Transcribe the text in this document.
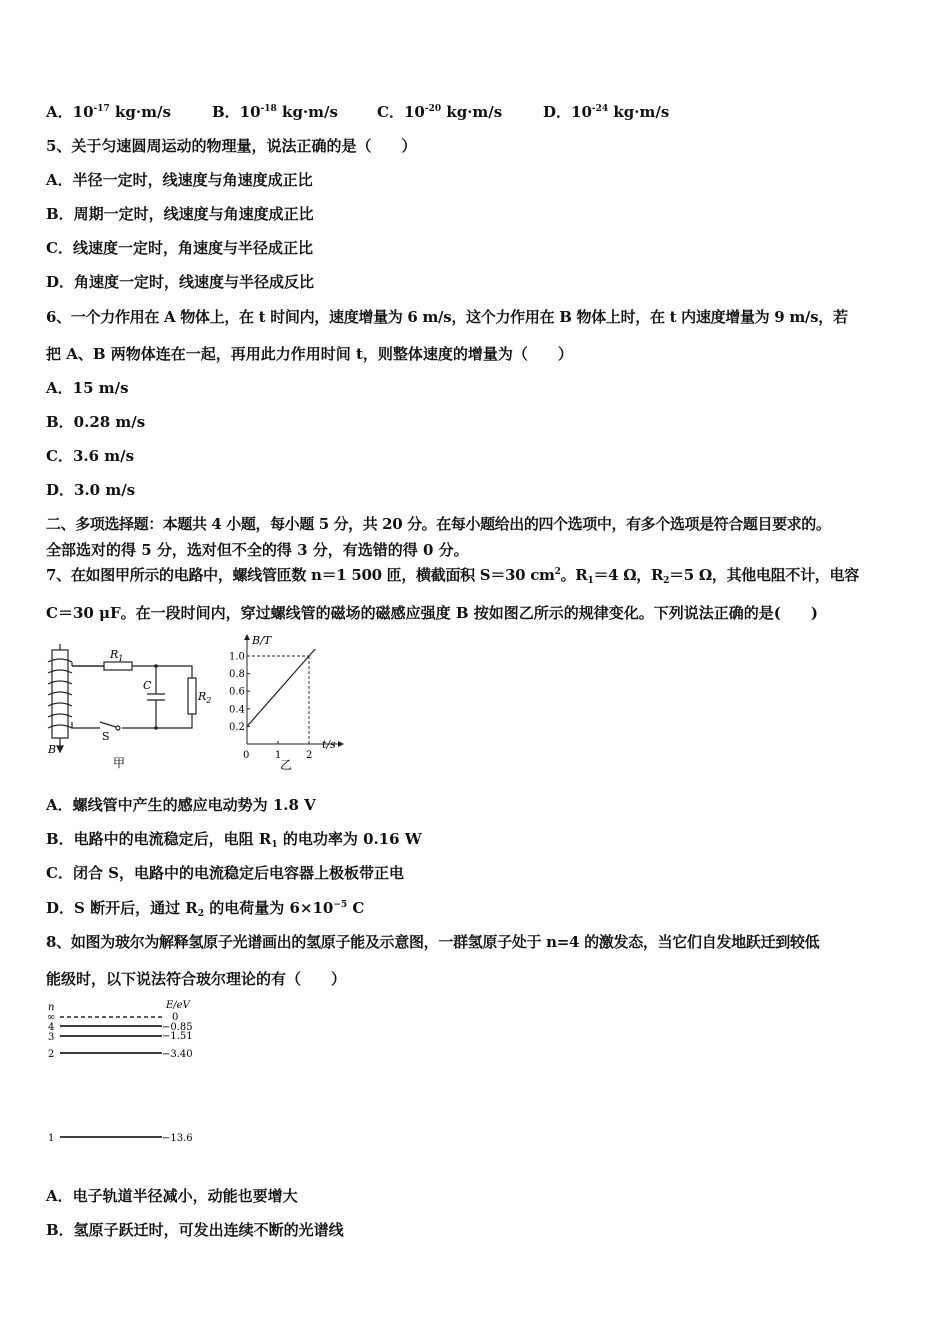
A．$10^{-17}$ kg·m/s	B．$10^{-18}$ kg·m/s	C．$10^{-20}$ kg·m/s	D．$10^{-24}$ kg·m/s
5、关于匀速圆周运动的物理量，说法正确的是（　　）
A．半径一定时，线速度与角速度成正比
B．周期一定时，线速度与角速度成正比
C．线速度一定时，角速度与半径成正比
D．角速度一定时，线速度与半径成反比
6、一个力作用在 A 物体上，在 t 时间内，速度增量为 6 m/s，这个力作用在 B 物体上时，在 t 内速度增量为 9 m/s，若
把 A、B 两物体连在一起，再用此力作用时间 t，则整体速度的增量为（　　）
A．15 m/s
B．0.28 m/s
C．3.6 m/s
D．3.0 m/s
二、多项选择题：本题共 4 小题，每小题 5 分，共 20 分。在每小题给出的四个选项中，有多个选项是符合题目要求的。
全部选对的得 5 分，选对但不全的得 3 分，有选错的得 0 分。
7、在如图甲所示的电路中，螺线管匝数 n＝1 500 匝，横截面积 S＝30 $cm^2$。$R_1=4$ Ω，$R_2=5$ Ω，其他电阻不计，电容
C＝30 μF。在一段时间内，穿过螺线管的磁场的磁感应强度 B 按如图乙所示的规律变化。下列说法正确的是(　　)
$R_1$
C
$R_2$
S
B
甲
B/T
t/s
0
0.2
0.4
0.6
0.8
1.0
1 2
乙
A．螺线管中产生的感应电动势为 1.8 V
B．电路中的电流稳定后，电阻 $R_1$ 的电功率为 0.16 W
C．闭合 S，电路中的电流稳定后电容器上极板带正电
D．S 断开后，通过 $R_2$ 的电荷量为 $6\times 10^{-5}$ C
8、如图为玻尔为解释氢原子光谱画出的氢原子能及示意图，一群氢原子处于 n=4 的激发态，当它们自发地跃迁到较低
能级时，以下说法符合玻尔理论的有（　　）
n	E/eV
∞	0
4	−0.85
3	−1.51
2	−3.40
1	−13.6
A．电子轨道半径减小，动能也要增大
B．氢原子跃迁时，可发出连续不断的光谱线
